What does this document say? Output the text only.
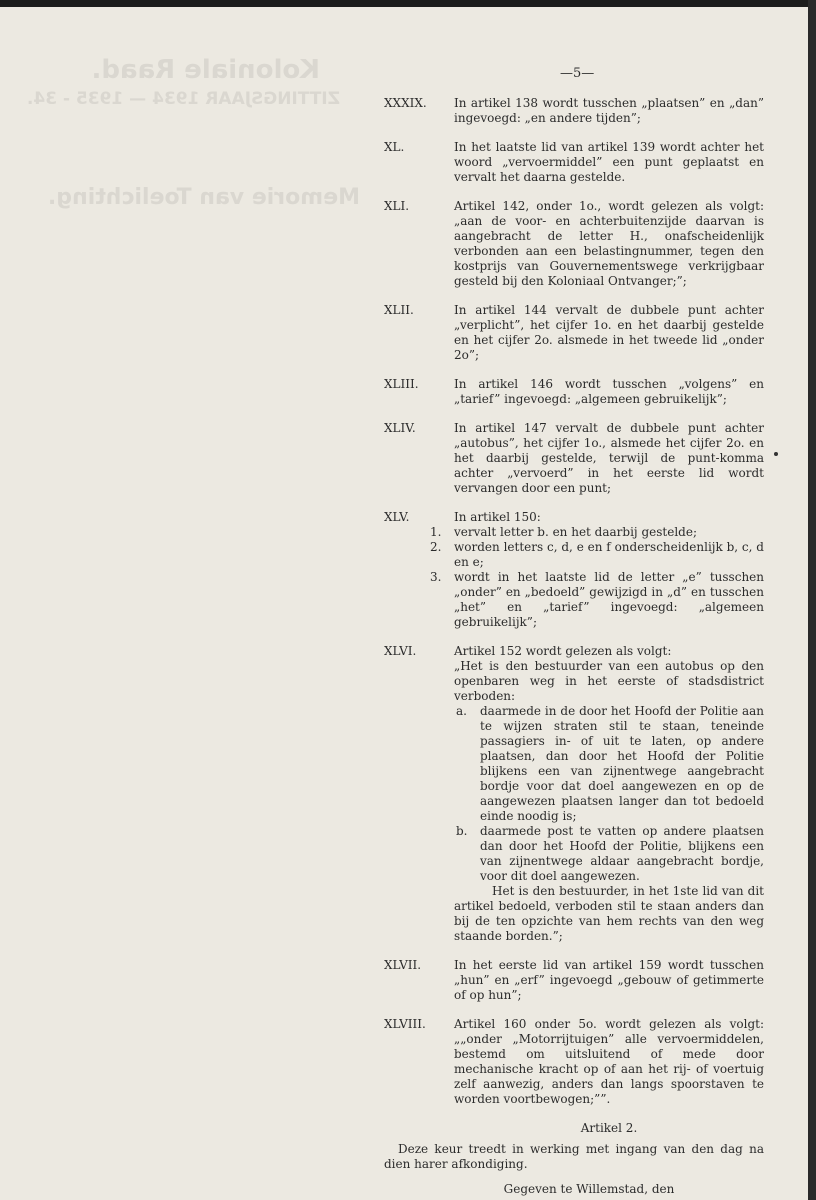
Koloniale Raad.
ZITTINGSJAAR 1934 — 1935 - 34.
Memorie van Toelichting.
—5—
XXXIX. In artikel 138 wordt tusschen „plaatsen” en „dan” ingevoegd: „en andere tijden”;
XL.	In het laatste lid van artikel 139 wordt achter het woord „vervoermiddel” een punt geplaatst en vervalt het daarna gestelde.
XLI.	Artikel 142, onder 1o., wordt gelezen als volgt: „aan de voor- en achterbuitenzijde daarvan is aangebracht de letter H., onafscheidenlijk verbonden aan een belastingnummer, tegen den kostprijs van Gouvernementswege verkrijgbaar gesteld bij den Koloniaal Ontvanger;”;
XLII.	In artikel 144 vervalt de dubbele punt achter „verplicht”, het cijfer 1o. en het daarbij gestelde en het cijfer 2o. alsmede in het tweede lid „onder 2o”;
XLIII.	In artikel 146 wordt tusschen „volgens” en „tarief” ingevoegd: „algemeen gebruikelijk”;
XLIV.	In artikel 147 vervalt de dubbele punt achter „autobus”, het cijfer 1o., alsmede het cijfer 2o. en het daarbij gestelde, terwijl de punt-komma achter „vervoerd” in het eerste lid wordt vervangen door een punt;
XLV.	In artikel 150:
1. vervalt letter b. en het daarbij gestelde;
2. worden letters c, d, e en f onderscheidenlijk b, c, d en e;
3. wordt in het laatste lid de letter „e” tusschen „onder” en „bedoeld” gewijzigd in „d” en tusschen „het” en „tarief” ingevoegd: „algemeen gebruikelijk”;
XLVI.	Artikel 152 wordt gelezen als volgt:
„Het is den bestuurder van een autobus op den openbaren weg in het eerste of stadsdistrict verboden:
a. daarmede in de door het Hoofd der Politie aan te wijzen straten stil te staan, teneinde passagiers in- of uit te laten, op andere plaatsen, dan door het Hoofd der Politie blijkens een van zijnentwege aangebracht bordje voor dat doel aangewezen en op de aangewezen plaatsen langer dan tot bedoeld einde noodig is;
b. daarmede post te vatten op andere plaatsen dan door het Hoofd der Politie, blijkens een van zijnentwege aldaar aangebracht bordje, voor dit doel aangewezen.
Het is den bestuurder, in het 1ste lid van dit artikel bedoeld, verboden stil te staan anders dan bij de ten opzichte van hem rechts van den weg staande borden.”;
XLVII.	In het eerste lid van artikel 159 wordt tusschen „hun” en „erf” ingevoegd „gebouw of getimmerte of op hun”;
XLVIII. Artikel 160 onder 5o. wordt gelezen als volgt: „„onder „Motorrijtuigen” alle vervoermiddelen, bestemd om uitsluitend of mede door mechanische kracht op of aan het rij- of voertuig zelf aanwezig, anders dan langs spoorstaven te worden voortbewogen;””.
Artikel 2.
Deze keur treedt in werking met ingang van den dag na dien harer afkondiging.
Gegeven te Willemstad, den
